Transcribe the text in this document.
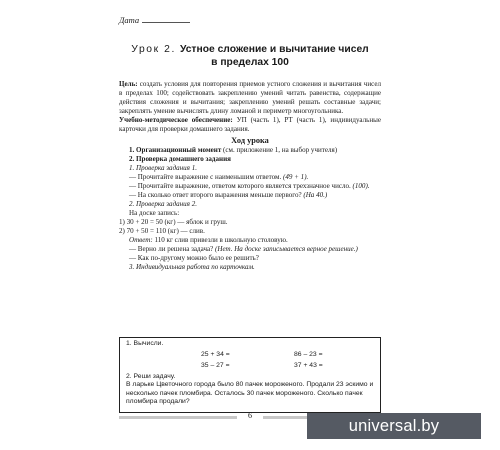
Дата
Урок 2. Устное сложение и вычитание чисел
в пределах 100

Цель: создать условия для повторения приемов устного сложения и вычитания чисел в пределах 100; содействовать закреплению умений читать равенства, содержащие действия сложения и вычитания; закреплению умений решать составные задачи; закреплять умение вычислять длину ломаной и периметр многоугольника.

Учебно-методическое обеспечение: УП (часть 1), РТ (часть 1), индивидуальные карточки для проверки домашнего задания.

Ход урока

1. Организационный момент (см. приложение 1, на выбор учителя)

2. Проверка домашнего задания

1. Проверка задания 1.

— Прочитайте выражение с наименьшим ответом. (49 + 1).

— Прочитайте выражение, ответом которого является трехзначное число. (100).

— На сколько ответ второго выражения меньше первого? (На 40.)

2. Проверка задания 2.

На доске запись:

1) 30 + 20 = 50 (кг) — яблок и груш.

2) 70 + 50 = 110 (кг) — слив.

Ответ: 110 кг слив привезли в школьную столовую.

— Верно ли решена задача? (Нет. На доске записывается верное решение.)

— Как по-другому можно было ее решить?

3. Индивидуальная работа по карточкам.

1. Вычисли.
25 + 34 =	86 – 23 =
35 – 27 =	37 + 43 =
2. Реши задачу.
В ларьке Цветочного города было 80 пачек мороженого. Продали 23 эскимо и несколько пачек пломбира. Осталось 30 пачек мороженого. Сколько пачек пломбира продали?
6
universal.by
